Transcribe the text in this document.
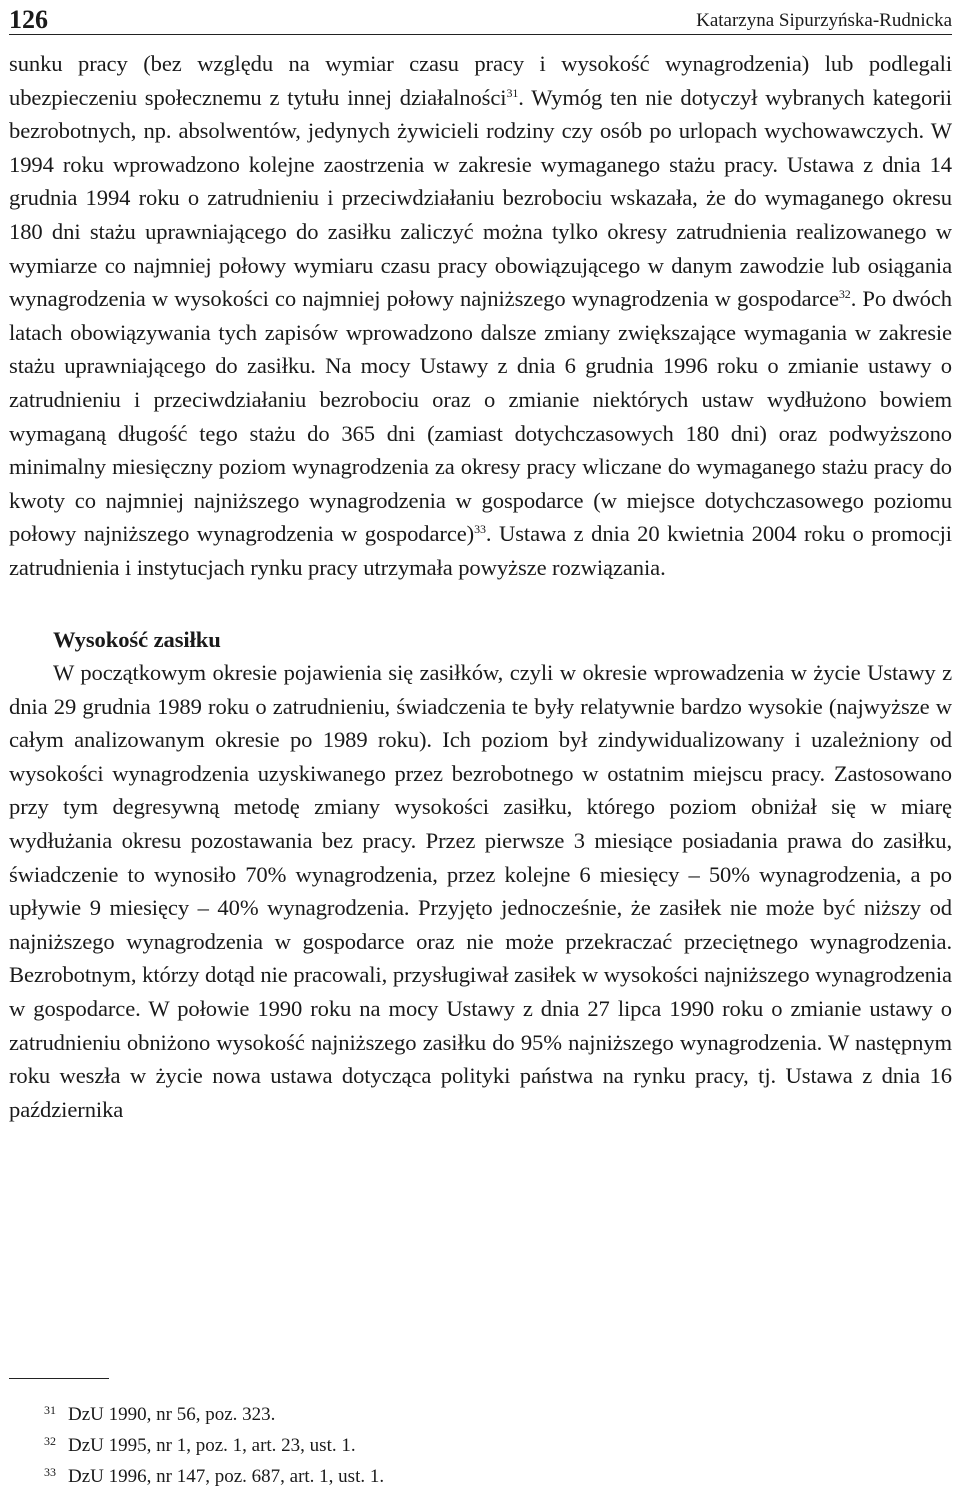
126	Katarzyna Sipurzyńska-Rudnicka

sunku pracy (bez względu na wymiar czasu pracy i wysokość wynagrodzenia) lub podlegali ubezpieczeniu społecznemu z tytułu innej działalności$^{31}$. Wymóg ten nie dotyczył wybranych kategorii bezrobotnych, np. absolwentów, jedynych żywicieli rodziny czy osób po urlopach wychowawczych. W 1994 roku wprowadzono kolejne zaostrzenia w zakresie wymaganego stażu pracy. Ustawa z dnia 14 grudnia 1994 roku o zatrudnieniu i przeciwdziałaniu bezrobociu wskazała, że do wymaganego okresu 180 dni stażu uprawniającego do zasiłku zaliczyć można tylko okresy zatrudnienia realizowanego w wymiarze co najmniej połowy wymiaru czasu pracy obowiązującego w danym zawodzie lub osiągania wynagrodzenia w wysokości co najmniej połowy najniższego wynagrodzenia w gospodarce$^{32}$. Po dwóch latach obowiązywania tych zapisów wprowadzono dalsze zmiany zwiększające wymagania w zakresie stażu uprawniającego do zasiłku. Na mocy Ustawy z dnia 6 grudnia 1996 roku o zmianie ustawy o zatrudnieniu i przeciwdziałaniu bezrobociu oraz o zmianie niektórych ustaw wydłużono bowiem wymaganą długość tego stażu do 365 dni (zamiast dotychczasowych 180 dni) oraz podwyższono minimalny miesięczny poziom wynagrodzenia za okresy pracy wliczane do wymaganego stażu pracy do kwoty co najmniej najniższego wynagrodzenia w gospodarce (w miejsce dotychczasowego poziomu połowy najniższego wynagrodzenia w gospodarce)$^{33}$. Ustawa z dnia 20 kwietnia 2004 roku o promocji zatrudnienia i instytucjach rynku pracy utrzymała powyższe rozwiązania.

Wysokość zasiłku

W początkowym okresie pojawienia się zasiłków, czyli w okresie wprowadzenia w życie Ustawy z dnia 29 grudnia 1989 roku o zatrudnieniu, świadczenia te były relatywnie bardzo wysokie (najwyższe w całym analizowanym okresie po 1989 roku). Ich poziom był zindywidualizowany i uzależniony od wysokości wynagrodzenia uzyskiwanego przez bezrobotnego w ostatnim miejscu pracy. Zastosowano przy tym degresywną metodę zmiany wysokości zasiłku, którego poziom obniżał się w miarę wydłużania okresu pozostawania bez pracy. Przez pierwsze 3 miesiące posiadania prawa do zasiłku, świadczenie to wynosiło 70% wynagrodzenia, przez kolejne 6 miesięcy – 50% wynagrodzenia, a po upływie 9 miesięcy – 40% wynagrodzenia. Przyjęto jednocześnie, że zasiłek nie może być niższy od najniższego wynagrodzenia w gospodarce oraz nie może przekraczać przeciętnego wynagrodzenia. Bezrobotnym, którzy dotąd nie pracowali, przysługiwał zasiłek w wysokości najniższego wynagrodzenia w gospodarce. W połowie 1990 roku na mocy Ustawy z dnia 27 lipca 1990 roku o zmianie ustawy o zatrudnieniu obniżono wysokość najniższego zasiłku do 95% najniższego wynagrodzenia. W następnym roku weszła w życie nowa ustawa dotycząca polityki państwa na rynku pracy, tj. Ustawa z dnia 16 października

31 DzU 1990, nr 56, poz. 323.
32 DzU 1995, nr 1, poz. 1, art. 23, ust. 1.
33 DzU 1996, nr 147, poz. 687, art. 1, ust. 1.
